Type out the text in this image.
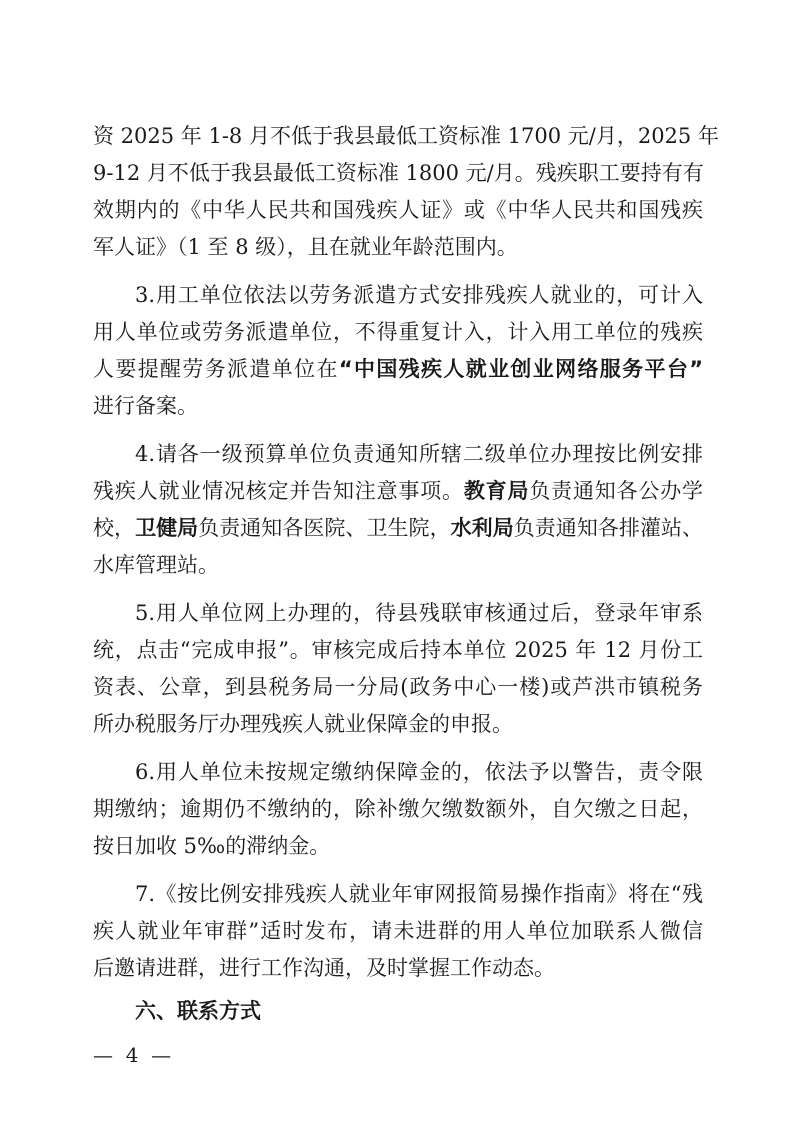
资 2025 年 1-8 月不低于我县最低工资标准 1700 元/月，2025 年
9-12 月不低于我县最低工资标准 1800 元/月。残疾职工要持有有
效期内的《中华人民共和国残疾人证》或《中华人民共和国残疾
军人证》（1 至 8 级），且在就业年龄范围内。
3.用工单位依法以劳务派遣方式安排残疾人就业的，可计入
用人单位或劳务派遣单位，不得重复计入，计入用工单位的残疾
人要提醒劳务派遣单位在“中国残疾人就业创业网络服务平台”
进行备案。
4.请各一级预算单位负责通知所辖二级单位办理按比例安排
残疾人就业情况核定并告知注意事项。教育局负责通知各公办学
校，卫健局负责通知各医院、卫生院，水利局负责通知各排灌站、
水库管理站。
5.用人单位网上办理的，待县残联审核通过后，登录年审系
统，点击“完成申报”。审核完成后持本单位 2025 年 12 月份工
资表、公章，到县税务局一分局(政务中心一楼)或芦洪市镇税务
所办税服务厅办理残疾人就业保障金的申报。
6.用人单位未按规定缴纳保障金的，依法予以警告，责令限
期缴纳；逾期仍不缴纳的，除补缴欠缴数额外，自欠缴之日起，
按日加收 5‰的滞纳金。
7.《按比例安排残疾人就业年审网报简易操作指南》将在“残
疾人就业年审群”适时发布，请未进群的用人单位加联系人微信
后邀请进群，进行工作沟通，及时掌握工作动态。
六、联系方式
—  4  —
